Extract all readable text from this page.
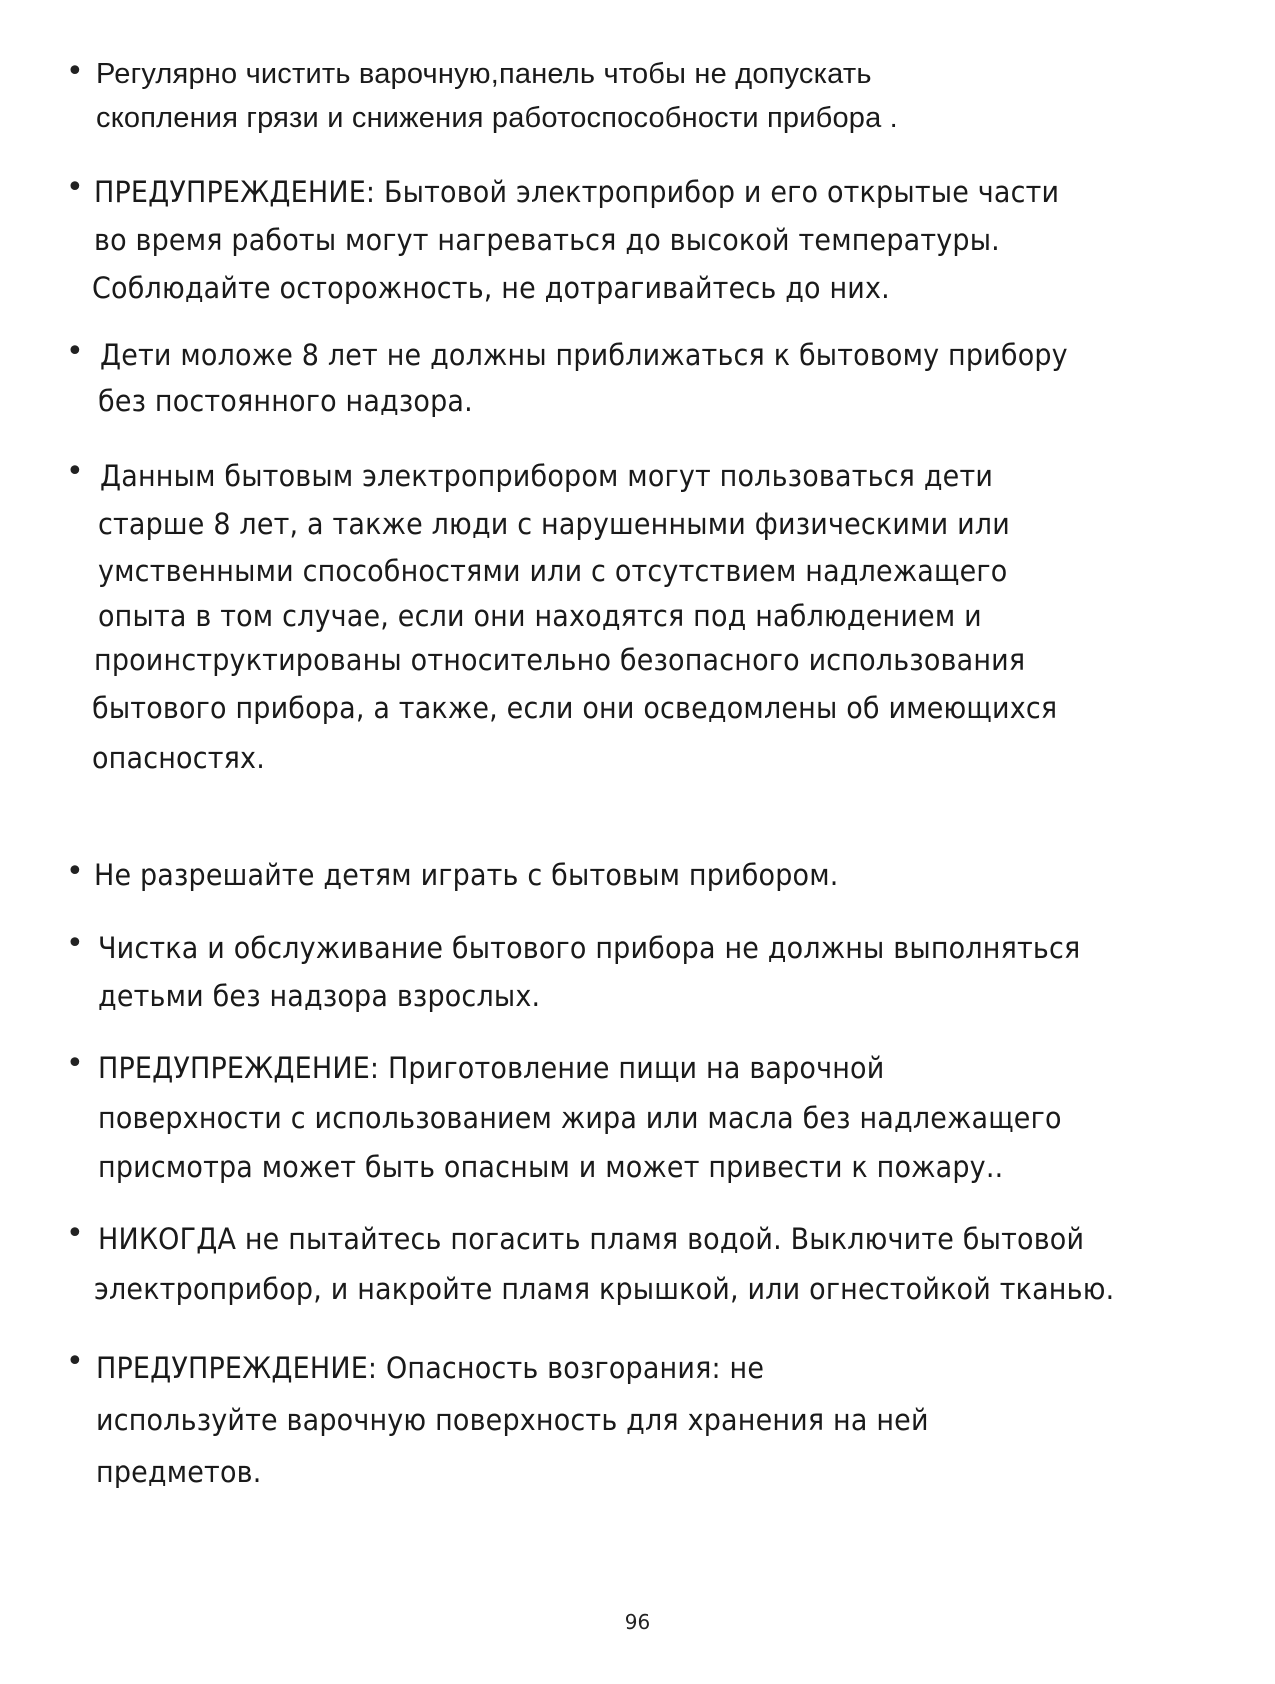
• Регулярно чистить варочную,панель чтобы не допускать
скопления грязи и снижения работоспособности прибора .
• ПРЕДУПРЕЖДЕНИЕ: Бытовой электроприбор и его открытые части
во время работы могут нагреваться до высокой температуры.
Соблюдайте осторожность, не дотрагивайтесь до них.
• Дети моложе 8 лет не должны приближаться к бытовому прибору
без постоянного надзора.
• Данным бытовым электроприбором могут пользоваться дети
старше 8 лет, а также люди с нарушенными физическими или
умственными способностями или с отсутствием надлежащего
опыта в том случае, если они находятся под наблюдением и
проинструктированы относительно безопасного использования
бытового прибора, а также, если они осведомлены об имеющихся
опасностях.
• Не разрешайте детям играть с бытовым прибором.
• Чистка и обслуживание бытового прибора не должны выполняться
детьми без надзора взрослых.
• ПРЕДУПРЕЖДЕНИЕ: Приготовление пищи на варочной
поверхности с использованием жира или масла без надлежащего
присмотра может быть опасным и может привести к пожару..
• НИКОГДА не пытайтесь погасить пламя водой. Выключите бытовой
электроприбор, и накройте пламя крышкой, или огнестойкой тканью.
• ПРЕДУПРЕЖДЕНИЕ: Опасность возгорания: не
используйте варочную поверхность для хранения на ней
предметов.
96
